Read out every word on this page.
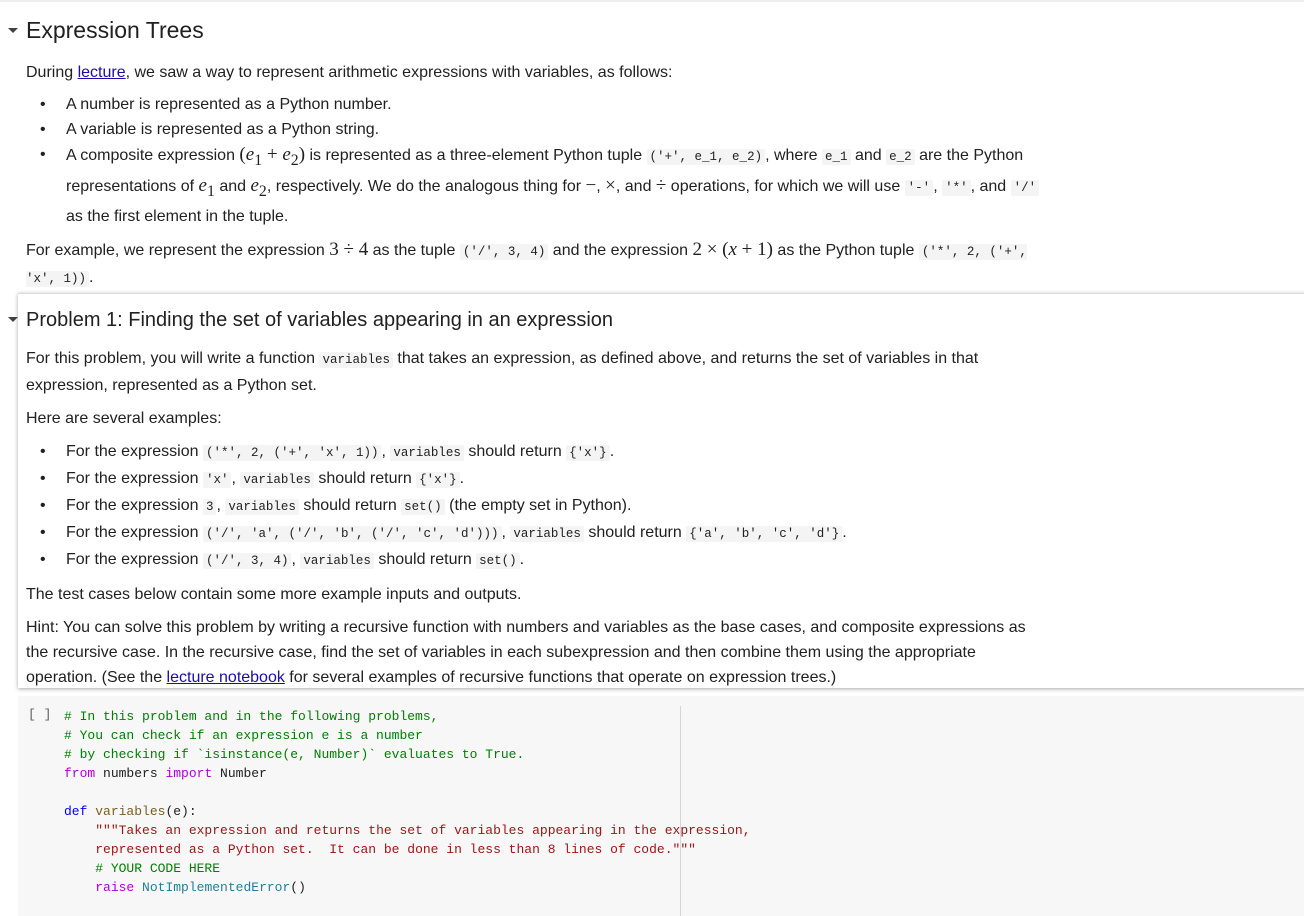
Expression Trees

During lecture, we saw a way to represent arithmetic expressions with variables, as follows:

• A number is represented as a Python number.
• A variable is represented as a Python string.
• A composite expression $(e_1 + e_2)$ is represented as a three-element Python tuple ('+', e_1, e_2) , where e_1 and e_2 are the Python representations of $e_1$ and $e_2$, respectively. We do the analogous thing for −, ×, and ÷ operations, for which we will use '-' , '*' , and '/' as the first element in the tuple.

For example, we represent the expression 3 ÷ 4 as the tuple ('/', 3, 4) and the expression 2 × (x + 1) as the Python tuple ('*', 2, ('+', 'x', 1)) .

Problem 1: Finding the set of variables appearing in an expression

For this problem, you will write a function variables that takes an expression, as defined above, and returns the set of variables in that expression, represented as a Python set.

Here are several examples:

• For the expression ('*', 2, ('+', 'x', 1)) , variables should return {'x'} .
• For the expression 'x' , variables should return {'x'} .
• For the expression 3 , variables should return set() (the empty set in Python).
• For the expression ('/', 'a', ('/', 'b', ('/', 'c', 'd'))) , variables should return {'a', 'b', 'c', 'd'} .
• For the expression ('/', 3, 4) , variables should return set() .

The test cases below contain some more example inputs and outputs.

Hint: You can solve this problem by writing a recursive function with numbers and variables as the base cases, and composite expressions as the recursive case. In the recursive case, find the set of variables in each subexpression and then combine them using the appropriate operation. (See the lecture notebook for several examples of recursive functions that operate on expression trees.)

[ ] # In this problem and in the following problems,
# You can check if an expression e is a number
# by checking if `isinstance(e, Number)` evaluates to True.
from numbers import Number
def variables(e):
"""Takes an expression and returns the set of variables appearing in the expression,
represented as a Python set.  It can be done in less than 8 lines of code."""
# YOUR CODE HERE
raise NotImplementedError()
